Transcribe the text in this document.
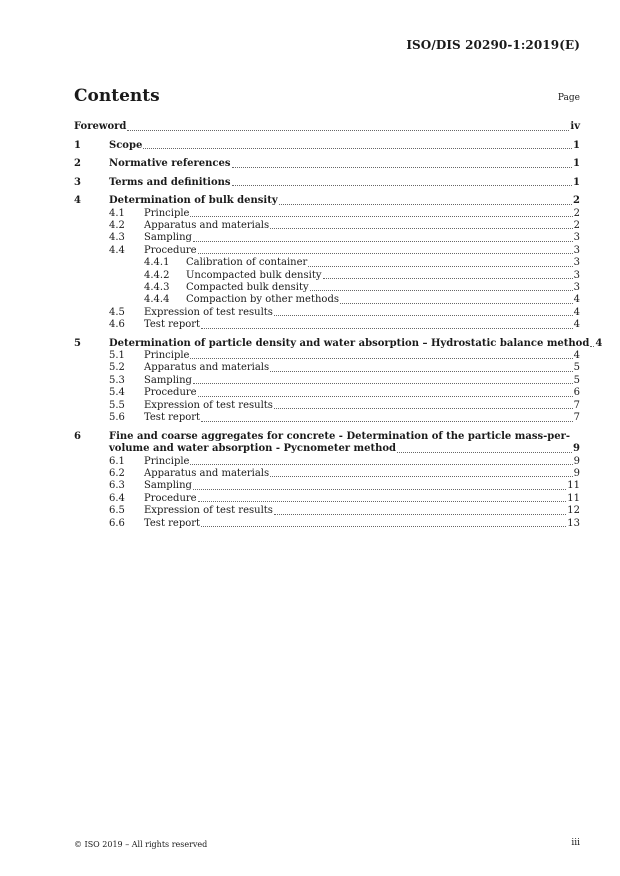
ISO/DIS 20290-1:2019(E)
Contents	Page
Foreword	iv
1	Scope	1
2	Normative references	1
3	Terms and definitions	1
4	Determination of bulk density	2
4.1	Principle	2
4.2	Apparatus and materials	2
4.3	Sampling	3
4.4	Procedure	3
4.4.1	Calibration of container	3
4.4.2	Uncompacted bulk density	3
4.4.3	Compacted bulk density	3
4.4.4	Compaction by other methods	4
4.5	Expression of test results	4
4.6	Test report	4
5	Determination of particle density and water absorption – Hydrostatic balance method 4
5.1	Principle	4
5.2	Apparatus and materials	5
5.3	Sampling	5
5.4	Procedure	6
5.5	Expression of test results	7
5.6	Test report	7
6	Fine and coarse aggregates for concrete - Determination of the particle mass-per-
volume and water absorption - Pycnometer method	9
6.1	Principle	9
6.2	Apparatus and materials	9
6.3	Sampling	11
6.4	Procedure	11
6.5	Expression of test results	12
6.6	Test report	13
© ISO 2019 – All rights reserved	iii
